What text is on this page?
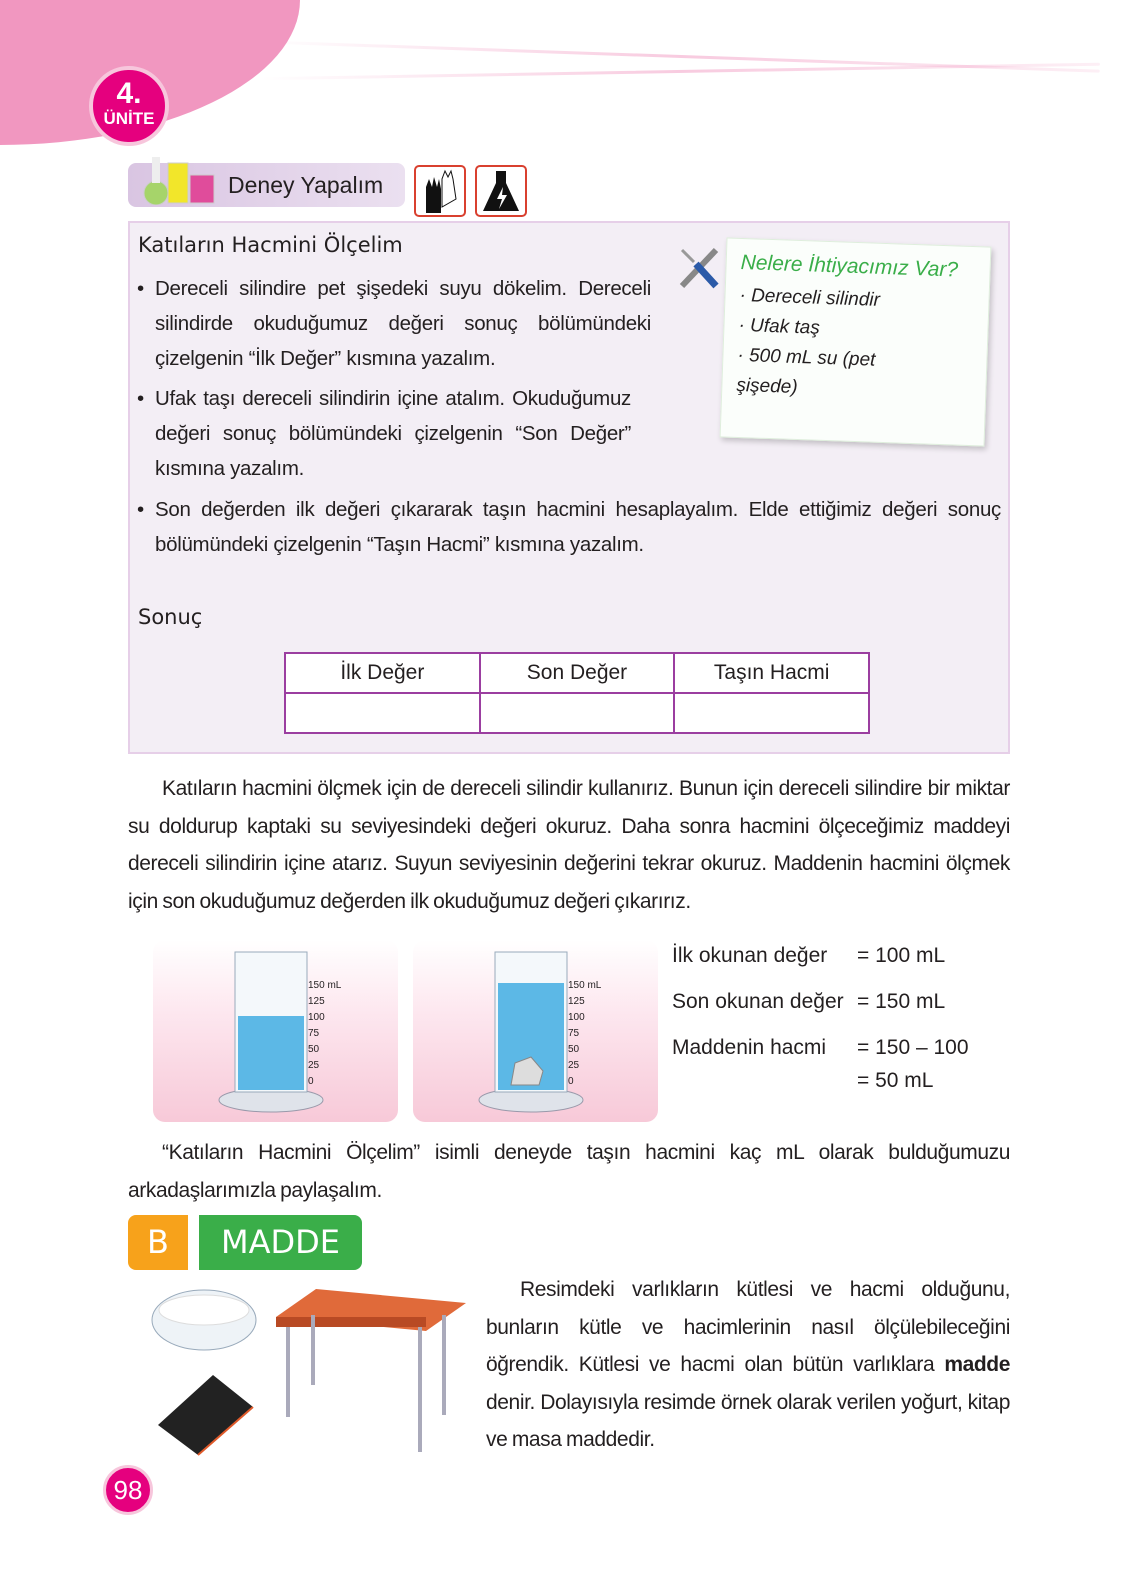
4.
ÜNİTE
Deney Yapalım
Katıların Hacmini Ölçelim
• Dereceli silindire pet şişedeki suyu dökelim. Dereceli silindirde okuduğumuz değeri sonuç bölümündeki çizelgenin “İlk Değer” kısmına yazalım.
• Ufak taşı dereceli silindirin içine atalım. Okuduğumuz değeri sonuç bölümündeki çizelgenin “Son Değer” kısmına yazalım.
• Son değerden ilk değeri çıkararak taşın hacmini hesaplayalım. Elde ettiğimiz değeri sonuç bölümündeki çizelgenin “Taşın Hacmi” kısmına yazalım.
Nelere İhtiyacımız Var?
· Dereceli silindir
· Ufak taş
· 500 mL su (pet şişede)
Sonuç
İlk Değer	Son Değer	Taşın Hacmi

Katıların hacmini ölçmek için de dereceli silindir kullanırız. Bunun için dereceli silindire bir miktar su doldurup kaptaki su seviyesindeki değeri okuruz. Daha sonra hacmini ölçeceğimiz maddeyi dereceli silindirin içine atarız. Suyun seviyesinin değerini tekrar okuruz. Maddenin hacmini ölçmek için son okuduğumuz değerden ilk okuduğumuz değeri çıkarırız.
150 mL
125
100
75
50
25
0
150 mL
125
100
75
50
25
0
İlk okunan değer = 100 mL
Son okunan değer = 150 mL
Maddenin hacmi = 150 – 100
= 50 mL
“Katıların Hacmini Ölçelim” isimli deneyde taşın hacmini kaç mL olarak bulduğumuzu arkadaşlarımızla paylaşalım.
B	MADDE
Resimdeki varlıkların kütlesi ve hacmi olduğunu, bunların kütle ve hacimlerinin nasıl ölçülebileceğini öğrendik. Kütlesi ve hacmi olan bütün varlıklara madde denir. Dolayısıyla resimde örnek olarak verilen yoğurt, kitap ve masa maddedir.
98
